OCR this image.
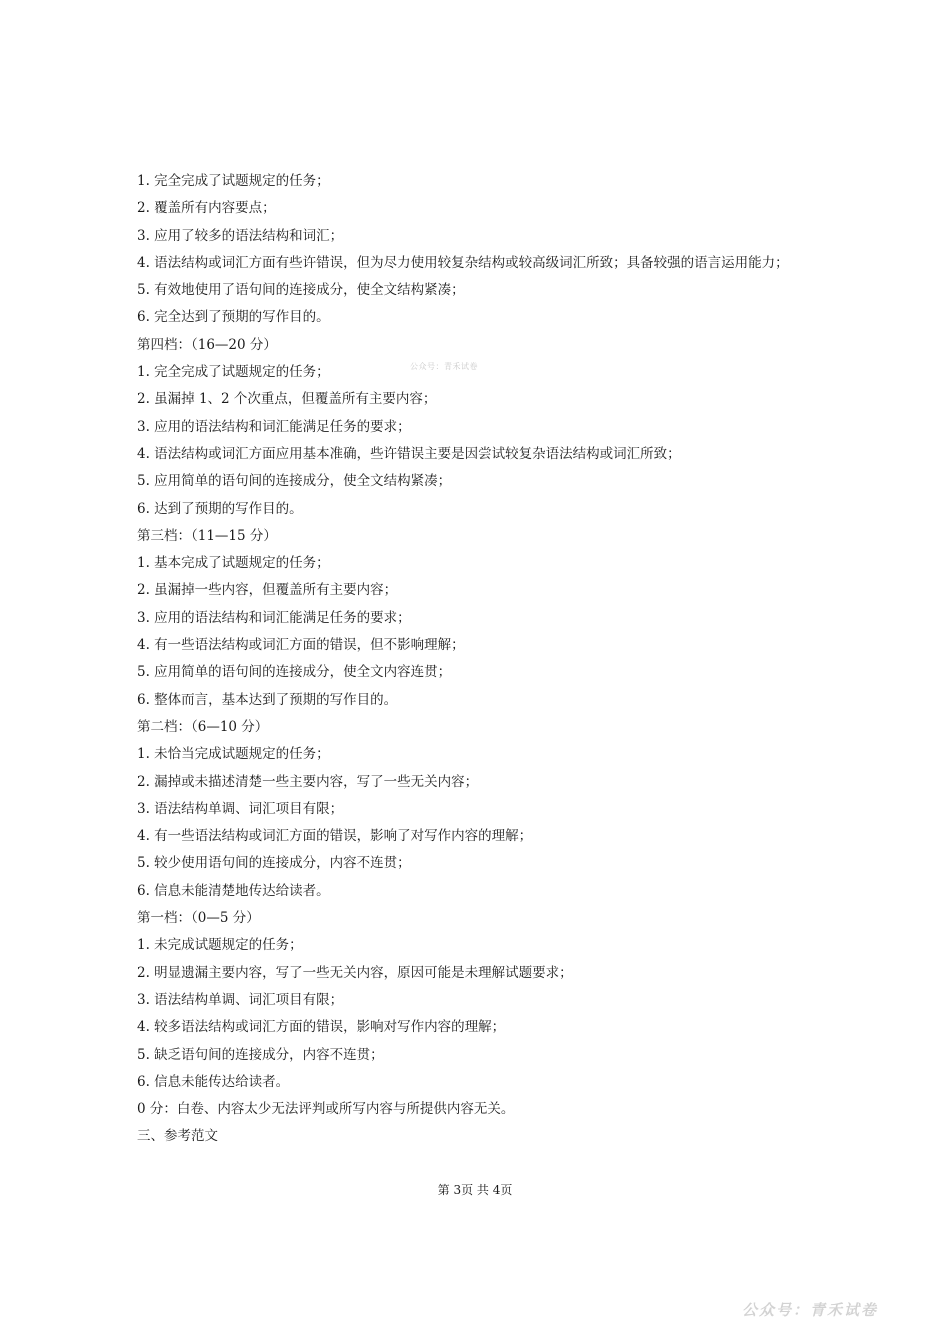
1. 完全完成了试题规定的任务；
2. 覆盖所有内容要点；
3. 应用了较多的语法结构和词汇；
4. 语法结构或词汇方面有些许错误，但为尽力使用较复杂结构或较高级词汇所致；具备较强的语言运用能力；
5. 有效地使用了语句间的连接成分，使全文结构紧凑；
6. 完全达到了预期的写作目的。
第四档：（16—20 分）
1. 完全完成了试题规定的任务；
2. 虽漏掉 1、2 个次重点，但覆盖所有主要内容；
3. 应用的语法结构和词汇能满足任务的要求；
4. 语法结构或词汇方面应用基本准确，些许错误主要是因尝试较复杂语法结构或词汇所致；
5. 应用简单的语句间的连接成分，使全文结构紧凑；
6. 达到了预期的写作目的。
第三档：（11—15 分）
1. 基本完成了试题规定的任务；
2. 虽漏掉一些内容，但覆盖所有主要内容；
3. 应用的语法结构和词汇能满足任务的要求；
4. 有一些语法结构或词汇方面的错误，但不影响理解；
5. 应用简单的语句间的连接成分，使全文内容连贯；
6. 整体而言，基本达到了预期的写作目的。
第二档：（6—10 分）
1. 未恰当完成试题规定的任务；
2. 漏掉或未描述清楚一些主要内容，写了一些无关内容；
3. 语法结构单调、词汇项目有限；
4. 有一些语法结构或词汇方面的错误，影响了对写作内容的理解；
5. 较少使用语句间的连接成分，内容不连贯；
6. 信息未能清楚地传达给读者。
第一档：（0—5 分）
1. 未完成试题规定的任务；
2. 明显遗漏主要内容，写了一些无关内容，原因可能是未理解试题要求；
3. 语法结构单调、词汇项目有限；
4. 较多语法结构或词汇方面的错误，影响对写作内容的理解；
5. 缺乏语句间的连接成分，内容不连贯；
6. 信息未能传达给读者。
0 分：白卷、内容太少无法评判或所写内容与所提供内容无关。
三、参考范文
公众号：青禾试卷
第 3页 共 4页
公众号：青禾试卷
